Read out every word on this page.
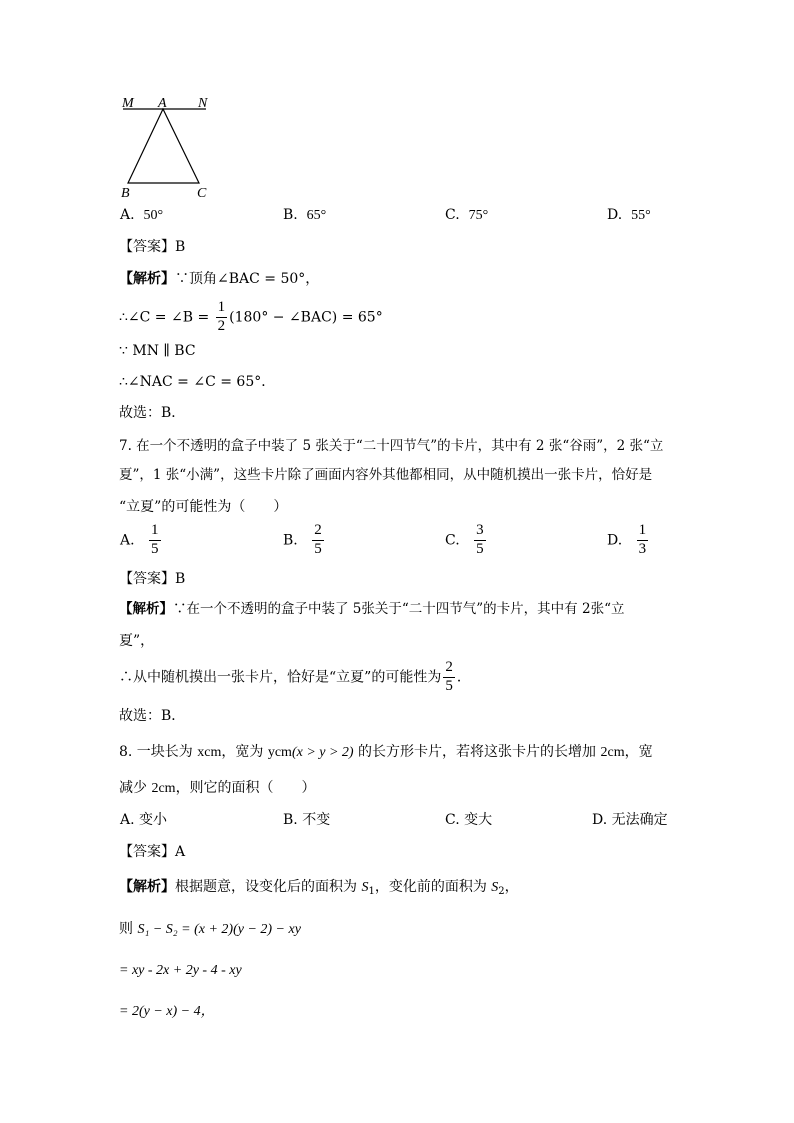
M A N
B	C
A. 50°	B. 65°	C. 75°	D. 55°
【答案】B
【解析】∵顶角∠BAC = 50°，
∴∠C = ∠B = $\frac{1}{2} (180^\circ$ − ∠BAC) = 65°
∵ MN ∥ BC
∴∠NAC = ∠C = 65°．
故选：B．
7. 在一个不透明的盒子中装了 5 张关于“二十四节气”的卡片，其中有 2 张“谷雨”，2 张“立
夏”，1 张“小满”，这些卡片除了画面内容外其他都相同，从中随机摸出一张卡片，恰好是
“立夏”的可能性为（　　）
A. $\frac{1}{5}$	B. $\frac{2}{5}$	C. $\frac{3}{5}$	D. $\frac{1}{3}$
【答案】B
【解析】∵在一个不透明的盒子中装了 5张关于“二十四节气”的卡片，其中有 2张“立
夏”，
∴从中随机摸出一张卡片，恰好是“立夏”的可能性为 $\frac{2}{5}$ ．
故选：B．
8. 一块长为 xcm，宽为 ycm(x > y > 2) 的长方形卡片，若将这张卡片的长增加 2cm，宽
减少 2cm，则它的面积（　　）
A. 变小	B. 不变	C. 变大	D. 无法确定
【答案】A
【解析】根据题意，设变化后的面积为 $S_1$，变化前的面积为 $S_2$，
则 S₁ − S₂ = (x + 2)(y − 2) − xy
= xy - 2x + 2y - 4 - xy
= 2(y − x) − 4，
